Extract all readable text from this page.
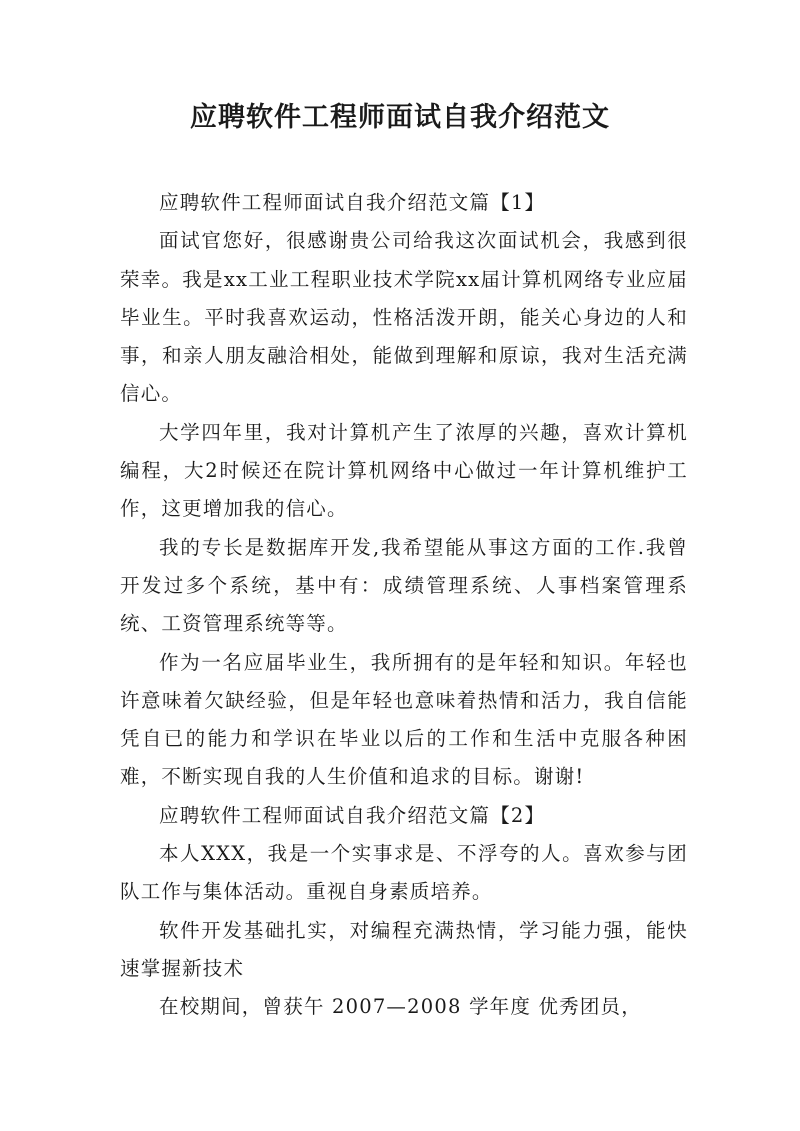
应聘软件工程师面试自我介绍范文

应聘软件工程师面试自我介绍范文篇【1】

面试官您好，很感谢贵公司给我这次面试机会，我感到很荣幸。我是xx工业工程职业技术学院xx届计算机网络专业应届毕业生。平时我喜欢运动，性格活泼开朗，能关心身边的人和事，和亲人朋友融洽相处，能做到理解和原谅，我对生活充满信心。

大学四年里，我对计算机产生了浓厚的兴趣，喜欢计算机编程，大2时候还在院计算机网络中心做过一年计算机维护工作，这更增加我的信心。

我的专长是数据库开发,我希望能从事这方面的工作.我曾开发过多个系统，基中有：成绩管理系统、人事档案管理系统、工资管理系统等等。

作为一名应届毕业生，我所拥有的是年轻和知识。年轻也许意味着欠缺经验，但是年轻也意味着热情和活力，我自信能凭自已的能力和学识在毕业以后的工作和生活中克服各种困难，不断实现自我的人生价值和追求的目标。谢谢!

应聘软件工程师面试自我介绍范文篇【2】

本人XXX，我是一个实事求是、不浮夸的人。喜欢参与团队工作与集体活动。重视自身素质培养。

软件开发基础扎实，对编程充满热情，学习能力强，能快速掌握新技术

在校期间，曾获午 2007—2008 学年度 优秀团员，
